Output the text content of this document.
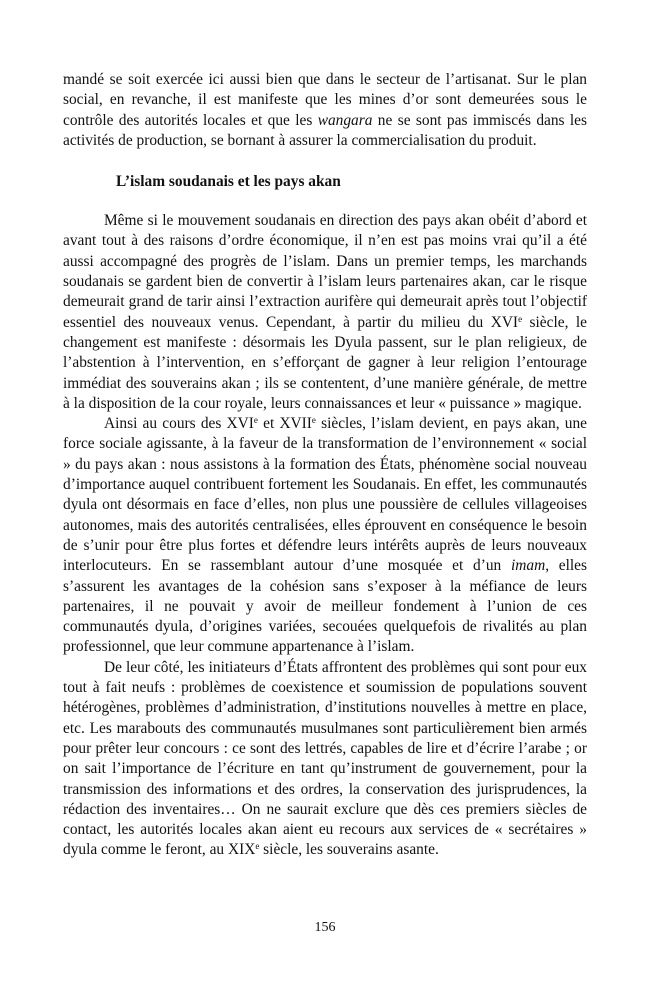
mandé se soit exercée ici aussi bien que dans le secteur de l’artisanat. Sur le plan social, en revanche, il est manifeste que les mines d’or sont demeurées sous le contrôle des autorités locales et que les wangara ne se sont pas immiscés dans les activités de production, se bornant à assurer la commercialisation du produit.

L’islam soudanais et les pays akan

Même si le mouvement soudanais en direction des pays akan obéit d’abord et avant tout à des raisons d’ordre économique, il n’en est pas moins vrai qu’il a été aussi accompagné des progrès de l’islam. Dans un premier temps, les marchands soudanais se gardent bien de convertir à l’islam leurs partenaires akan, car le risque demeurait grand de tarir ainsi l’extraction aurifère qui demeurait après tout l’objectif essentiel des nouveaux venus. Cependant, à partir du milieu du XVIe siècle, le changement est manifeste : désormais les Dyula passent, sur le plan religieux, de l’abstention à l’intervention, en s’efforçant de gagner à leur religion l’entourage immédiat des souverains akan ; ils se contentent, d’une manière générale, de mettre à la disposition de la cour royale, leurs connaissances et leur « puissance » magique.

Ainsi au cours des XVIe et XVIIe siècles, l’islam devient, en pays akan, une force sociale agissante, à la faveur de la transformation de l’environnement « social » du pays akan : nous assistons à la formation des États, phénomène social nouveau d’importance auquel contribuent fortement les Soudanais. En effet, les communautés dyula ont désormais en face d’elles, non plus une poussière de cellules villageoises autonomes, mais des autorités centralisées, elles éprouvent en conséquence le besoin de s’unir pour être plus fortes et défendre leurs intérêts auprès de leurs nouveaux interlocuteurs. En se rassemblant autour d’une mosquée et d’un imam, elles s’assurent les avantages de la cohésion sans s’exposer à la méfiance de leurs partenaires, il ne pouvait y avoir de meilleur fondement à l’union de ces communautés dyula, d’origines variées, secouées quelquefois de rivalités au plan professionnel, que leur commune appartenance à l’islam.

De leur côté, les initiateurs d’États affrontent des problèmes qui sont pour eux tout à fait neufs : problèmes de coexistence et soumission de populations souvent hétérogènes, problèmes d’administration, d’institutions nouvelles à mettre en place, etc. Les marabouts des communautés musulmanes sont particulièrement bien armés pour prêter leur concours : ce sont des lettrés, capables de lire et d’écrire l’arabe ; or on sait l’importance de l’écriture en tant qu’instrument de gouvernement, pour la transmission des informations et des ordres, la conservation des jurisprudences, la rédaction des inventaires… On ne saurait exclure que dès ces premiers siècles de contact, les autorités locales akan aient eu recours aux services de « secrétaires » dyula comme le feront, au XIXe siècle, les souverains asante.

156
